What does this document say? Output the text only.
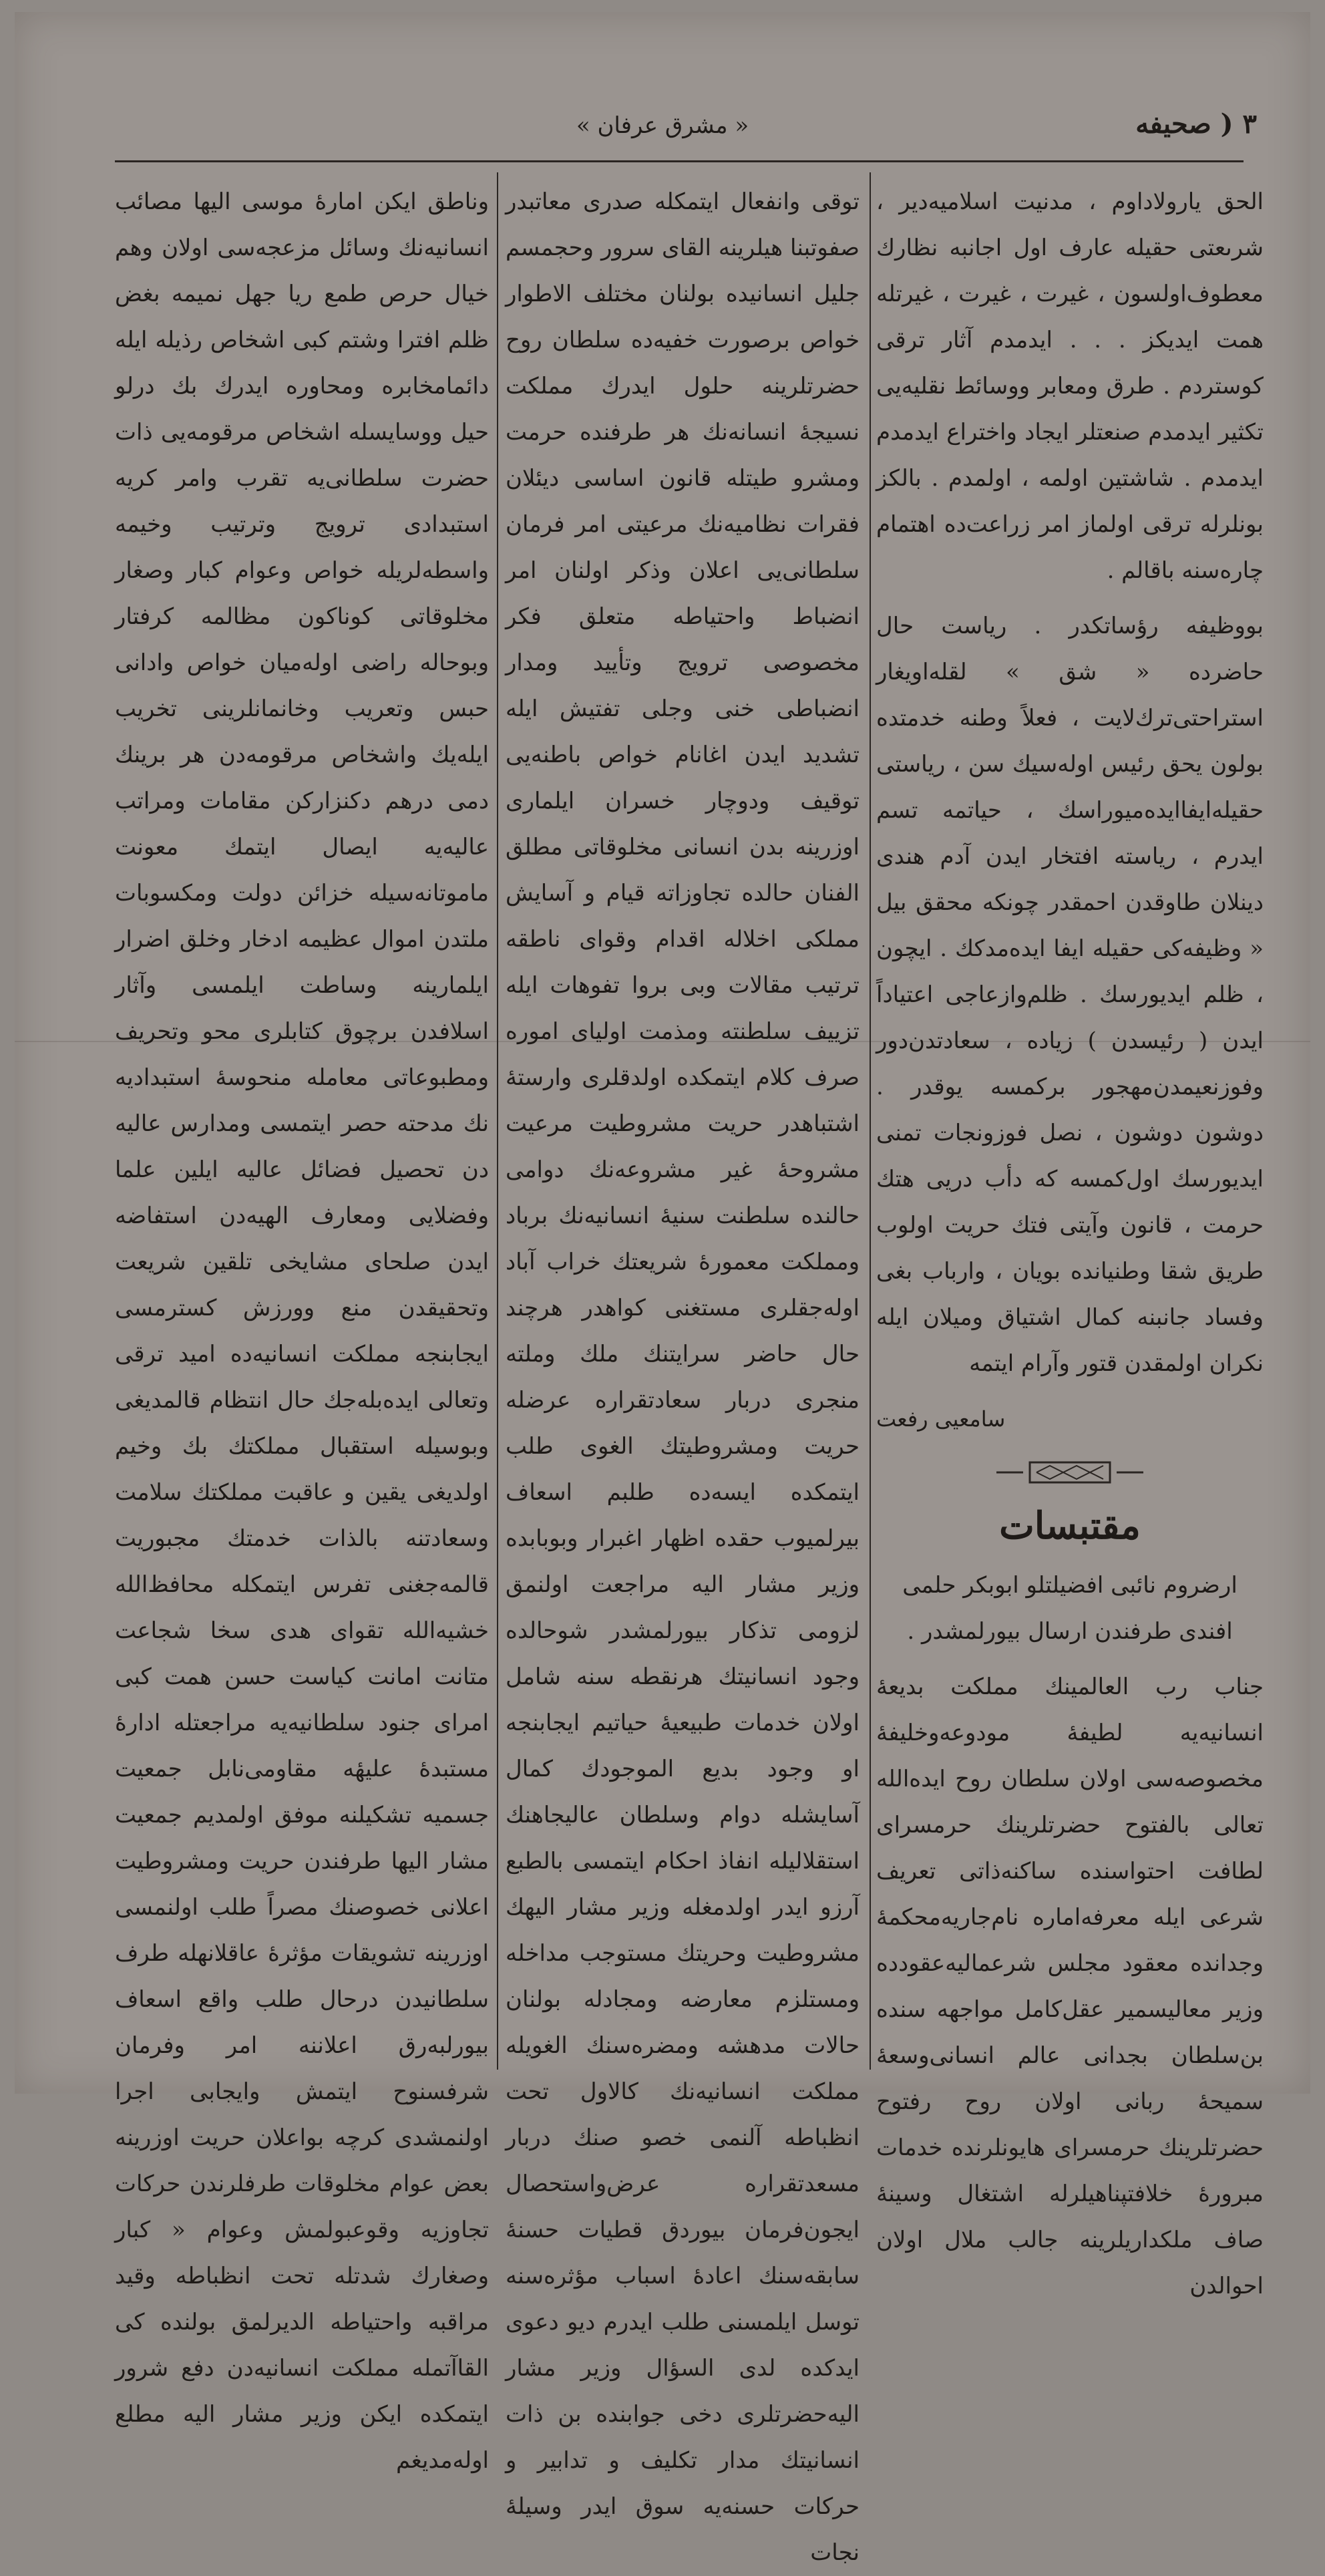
۳ ( صحیفه
« مشرق عرفان »

الحق يارولاداوم ، مدنيت اسلاميه‌دير ، شرىعتى حقيله عارف اول اجانبه نظارك معطوف‌اولسون ، غيرت ، غيرت ، غيرتله همت ايديكز . . . ايدمدم آثار ترقى كوستردم . طرق ومعابر ووسائط نقليه‌يى تكثير ايدمدم صنعتلر ايجاد واختراع ايدمدم ايدمدم . شاشتين اولمه ، اولمدم . بالكز بونلرله ترقى اولماز امر زراعت‌ده اهتمام چاره‌سنه باقالم .

بووظيفه رؤساتكدر . رياست حال حاضرده « شق » لقله‌اويغار استراحتى‌ترك‌لايت ، فعلاً وطنه خدمتده بولون يحق رئيس اوله‌سيك سن ، رياستى حقيله‌ايفاايده‌ميوراسك ، حياتمه تسم ايدرم ، رياسته افتخار ايدن آدم هندى دينلان طاوقدن احمقدر چونكه محقق بيل « وظيفه‌كى حقيله ايفا ايده‌مدكك . ايچون ، ظلم ايديورسك . ظلم‌وازعاجى اعتياداً ايدن ( رئيسدن ) زياده ، سعادتدن‌دور وفوزنعيمدن‌مهجور بركمسه يوقدر . دوشون دوشون ، نصل فوزونجات تمنى ايديورسك اول‌كمسه كه دأب دريى هتك حرمت ، قانون وآيتى فتك حريت اولوب طريق شقا وطنيانده بويان ، وارباب بغى وفساد جانبنه كمال اشتياق وميلان ايله نكران اولمقدن قتور وآرام ايتمه

سامعيى رفعت
مقتبسات

ارضروم نائبى افضيلتلو ابوبكر حلمى افندى طرفندن ارسال بيورلمشدر .

جناب رب العالمينك مملكت بديعهٔ انسانيه‌يه لطيفهٔ مودوعه‌وخليفهٔ مخصوصه‌سى اولان سلطان روح ايده‌الله تعالى بالفتوح حضرتلرينك حرمسراى لطافت احتواسنده ساكنه‌ذاتى تعريف شرعى ايله معرفه‌اماره نام‌جاريه‌محكمهٔ وجدانده معقود مجلس شرعماليه‌عقودده وزير معاليسمير عقل‌كامل مواجهه سنده بن‌سلطان بجدانى عالم انسانى‌وسعهٔ سميحهٔ ربانى اولان روح رفتوح حضرتلرينك حرمسراى هايونلرنده خدمات مبرورهٔ خلافتپناهيلرله اشتغال وسينهٔ صاف ملكداريلرينه جالب ملال اولان احوالدن

توقى وانفعال ايتمكله صدرى معاتبدر صفوتبنا هيلرينه القاى سرور وحجمسم جليل انسانيده بولنان مختلف الاطوار خواص برصورت خفيه‌ده سلطان روح حضرتلرينه حلول ايدرك مملكت نسيجهٔ انسانه‌نك هر طرفنده حرمت ومشرو طيتله قانون اساسى ديئلان فقرات نظاميه‌نك مرعيتى امر فرمان سلطانى‌يى اعلان وذكر اولنان امر انضباط واحتياطه متعلق فكر مخصوصى ترويج وتأييد ومدار انضباطى خنى وجلى تفتيش ايله تشديد ايدن اغانام خواص باطنه‌يى توقيف ودوچار خسران ايلمارى اوزرينه بدن انسانى مخلوقاتى مطلق الفنان حالده تجاوزاته قيام و آسايش مملكى اخلاله اقدام وقواى ناطقه ترتيب مقالات وبى بروا تفوهات ايله تزييف سلطنته ومذمت اولياى اموره صرف كلام ايتمكده اولدقلرى وارستهٔ اشتباهدر حريت مشروطيت مرعيت مشروحهٔ غير مشروعه‌نك دوامى حالنده سلطنت سنيهٔ انسانيه‌نك برباد ومملكت معمورهٔ شريعتك خراب آباد اوله‌جقلرى مستغنى كواهدر هرچند حال حاضر سرايتنك ملك وملته منجرى دربار سعادتقراره عرضله حريت ومشروطيتك الغوى طلب ايتمكده ايسه‌ده طلبم اسعاف بيرلميوب حقده اظهار اغبرار وبوبابده وزير مشار اليه مراجعت اولنمق لزومى تذكار بيورلمشدر شوحالده وجود انسانيتك هرنقطه سنه شامل اولان خدمات طبيعيهٔ حياتيم ايجابنجه او وجود بديع الموجودك كمال آسايشله دوام وسلطان عاليجاهنك استقلاليله انفاذ احكام ايتمسى بالطبع آرزو ايدر اولدمغله وزير مشار اليهك مشروطيت وحريتك مستوجب مداخله ومستلزم معارضه ومجادله بولنان حالات مدهشه ومضره‌سنك الغويله مملكت انسانيه‌نك كالاول تحت انظباطه آلنمى خصو صنك دربار مسعدتقراره عرض‌واستحصال ايجون‌فرمان بيوردق قطيات حسنهٔ سابقه‌سنك اعادهٔ اسباب مؤثره‌سنه توسل ايلمسنى طلب ايدرم ديو دعوى ايدكده لدى السؤال وزير مشار اليه‌حضرتلرى دخى جوابنده بن ذات انسانيتك مدار تكليف و تدابير و حركات حسنه‌يه سوق ايدر وسيلهٔ نجات

وناطق ايكن امارهٔ موسى اليها مصائب انسانيه‌نك وسائل مزعجه‌سى اولان وهم خيال حرص طمع ريا جهل نميمه بغض ظلم افترا وشتم كبى اشخاص رذيله ايله دائمامخابره ومحاوره ايدرك بك درلو حيل ووسايسله اشخاص مرقومه‌يى ذات حضرت سلطانى‌يه تقرب وامر كريه استبدادى ترويج وترتيب وخيمه واسطه‌لريله خواص وعوام كبار وصغار مخلوقاتى كوناكون مظالمه كرفتار وبوحاله راضى اوله‌ميان خواص وادانى حبس وتعريب وخانمانلرينى تخريب ايله‌يك واشخاص مرقومه‌دن هر برينك دمى درهم دكنزاركن مقامات ومراتب عاليه‌يه ايصال ايتمك معونت ماموتانه‌سيله خزائن دولت ومكسوبات ملتدن اموال عظيمه ادخار وخلق اضرار ايلمارينه وساطت ايلمسى وآثار اسلافدن برچوق كتابلرى محو وتحريف ومطبوعاتى معامله منحوسهٔ استبداديه نك مدحته حصر ايتمسى ومدارس عاليه دن تحصيل فضائل عاليه ايلين علما وفضلايى ومعارف الهيه‌دن استفاضه ايدن صلحاى مشايخى تلقين شريعت وتحقيقدن منع وورزش كسترمسى ايجابنجه مملكت انسانيه‌ده اميد ترقى وتعالى ايده‌بله‌جك حال انتظام قالمديغى وبوسيله استقبال مملكتك بك وخيم اولديغى يقين و عاقبت مملكتك سلامت وسعادتنه بالذات خدمتك مجبوريت قالمه‌جغنى تفرس ايتمكله محافظ‌الله خشيه‌الله تقواى هدى سخا شجاعت متانت امانت كياست حسن همت كبى امراى جنود سلطانيه‌يه مراجعتله ادارهٔ مستبدهٔ عليهٔه مقاومى‌نابل جمعيت جسميه تشكيلنه موفق اولمديم جمعيت مشار اليها طرفندن حريت ومشروطيت اعلانى خصوصنك مصراً طلب اولنمسى اوزرينه تشويقات مؤثرهٔ عاقلانهله طرف سلطانيدن درحال طلب واقع اسعاف بيورلبه‌رق اعلاننه امر وفرمان شرفسنوح ايتمش وايجابى اجرا اولنمشدى كرچه بواعلان حريت اوزرينه بعض عوام مخلوقات طرفلرندن حركات تجاوزيه وقوعبولمش وعوام « كبار وصغارك شدتله تحت انظباطه وقيد مراقبه واحتياطه الديرلمق بولنده كى القاآتمله مملكت انسانيه‌دن دفع شرور ايتمكده ايكن وزير مشار اليه مطلع اوله‌مديغم
